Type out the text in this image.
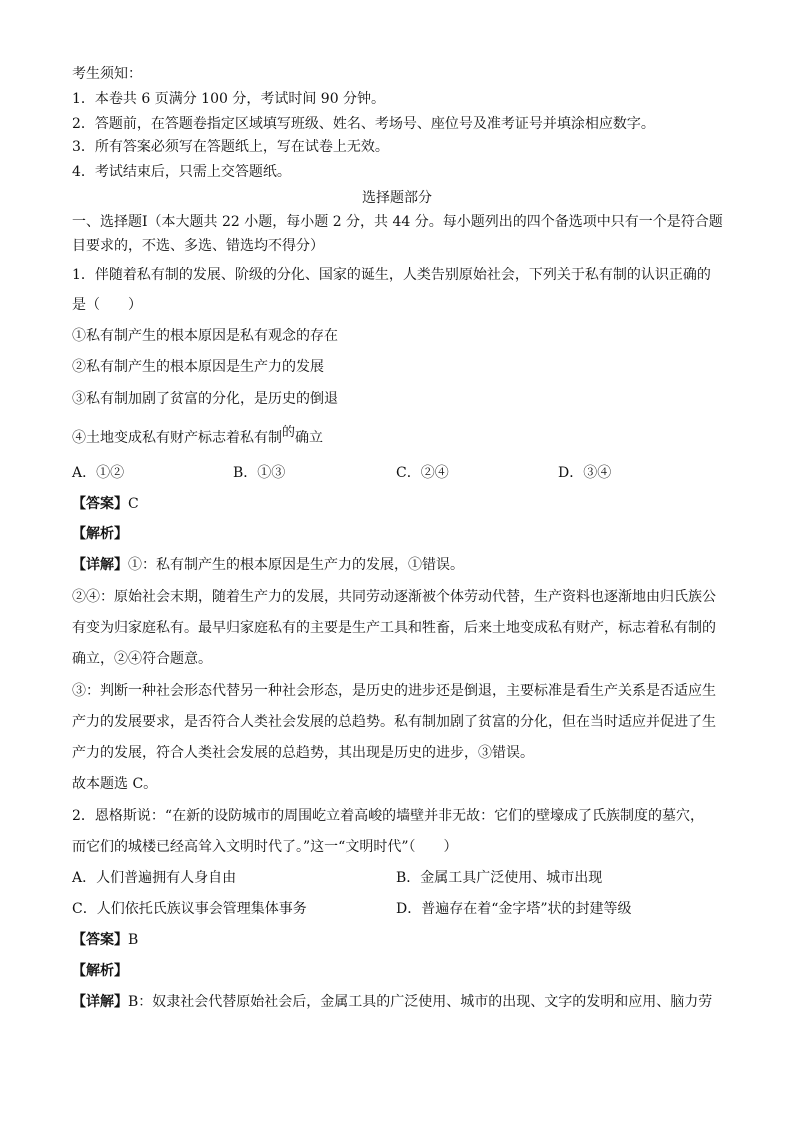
考生须知：
1．本卷共 6 页满分 100 分，考试时间 90 分钟。
2．答题前，在答题卷指定区域填写班级、姓名、考场号、座位号及准考证号并填涂相应数字。
3．所有答案必须写在答题纸上，写在试卷上无效。
4．考试结束后，只需上交答题纸。
选择题部分
一、选择题Ⅰ（本大题共 22 小题，每小题 2 分，共 44 分。每小题列出的四个备选项中只有一个是符合题
目要求的，不选、多选、错选均不得分）
1．伴随着私有制的发展、阶级的分化、国家的诞生，人类告别原始社会，下列关于私有制的认识正确的
是（　　）
①私有制产生的根本原因是私有观念的存在
②私有制产生的根本原因是生产力的发展
③私有制加剧了贫富的分化，是历史的倒退
④土地变成私有财产标志着私有制的确立
A．①②	B．①③	C．②④	D．③④
【答案】C
【解析】
【详解】①：私有制产生的根本原因是生产力的发展，①错误。
②④：原始社会末期，随着生产力的发展，共同劳动逐渐被个体劳动代替，生产资料也逐渐地由归氏族公
有变为归家庭私有。最早归家庭私有的主要是生产工具和牲畜，后来土地变成私有财产，标志着私有制的
确立，②④符合题意。
③：判断一种社会形态代替另一种社会形态，是历史的进步还是倒退，主要标准是看生产关系是否适应生
产力的发展要求，是否符合人类社会发展的总趋势。私有制加剧了贫富的分化，但在当时适应并促进了生
产力的发展，符合人类社会发展的总趋势，其出现是历史的进步，③错误。
故本题选 C。
2．恩格斯说：“在新的设防城市的周围屹立着高峻的墙壁并非无故：它们的壁壕成了氏族制度的墓穴，
而它们的城楼已经高耸入文明时代了。”这一“文明时代”（　　）
A．人们普遍拥有人身自由	B．金属工具广泛使用、城市出现
C．人们依托氏族议事会管理集体事务	D．普遍存在着“金字塔”状的封建等级
【答案】B
【解析】
【详解】B：奴隶社会代替原始社会后，金属工具的广泛使用、城市的出现、文字的发明和应用、脑力劳
